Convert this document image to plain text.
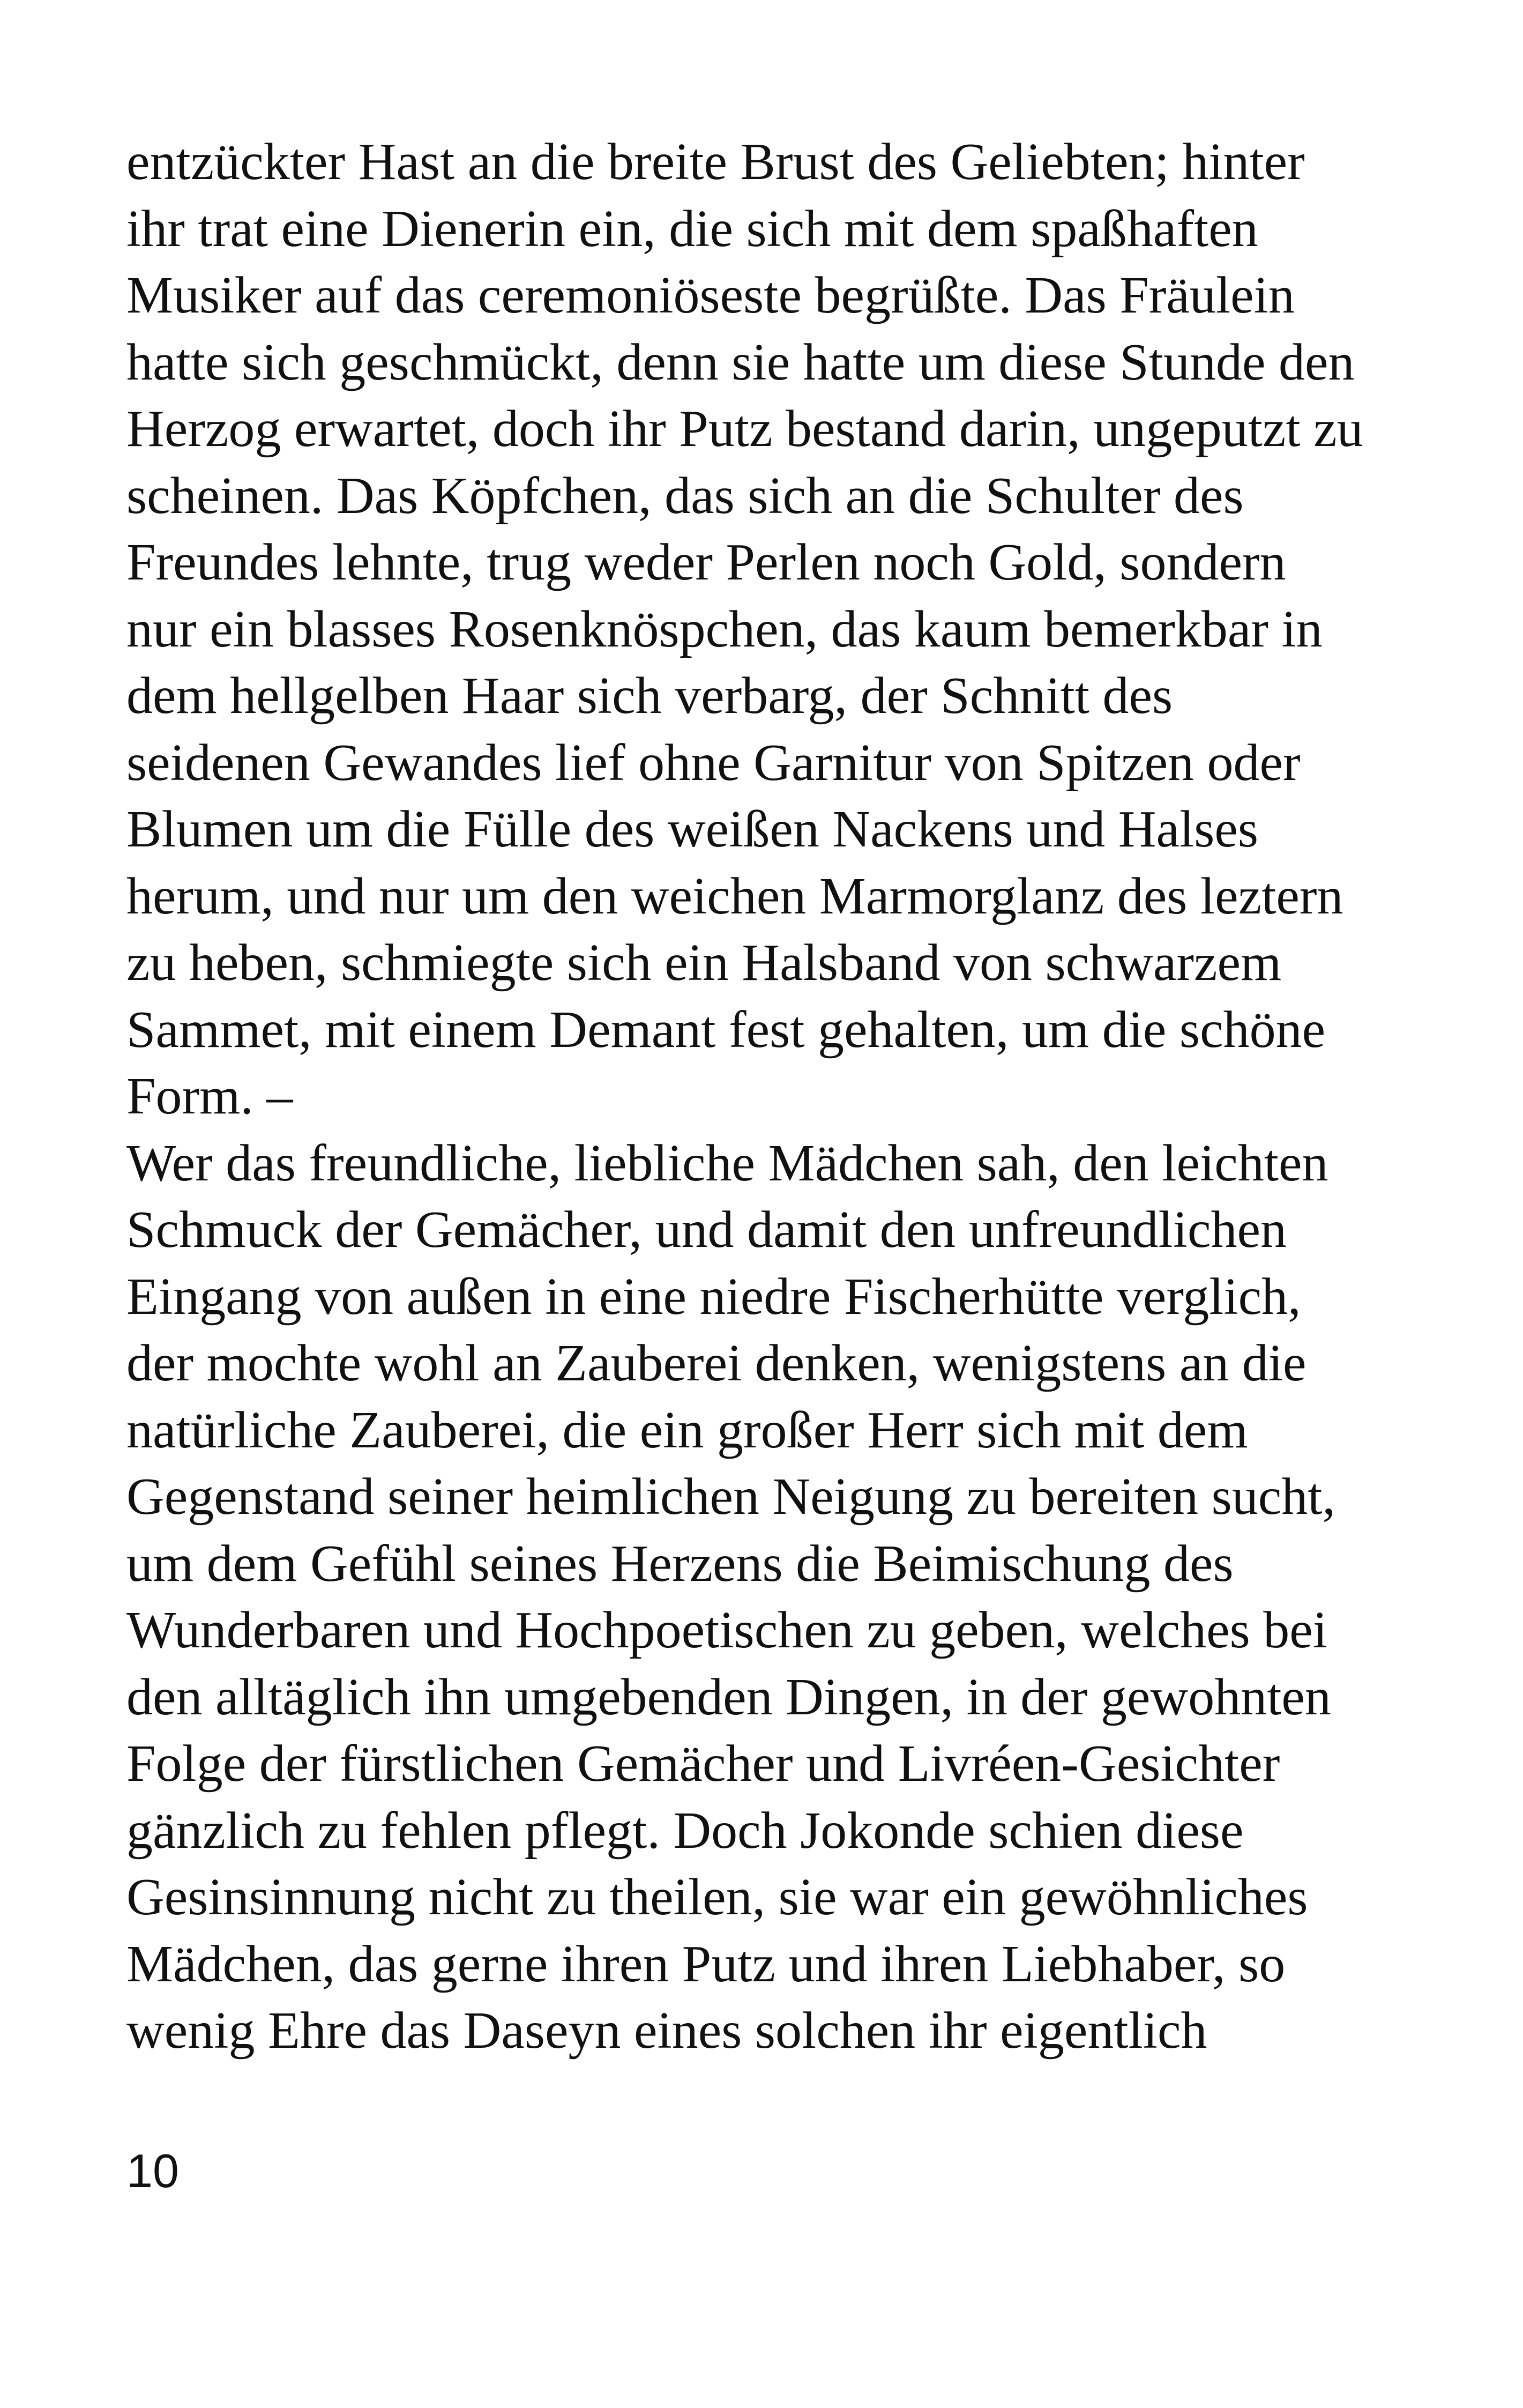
entzückter Hast an die breite Brust des Geliebten; hinter
ihr trat eine Dienerin ein, die sich mit dem spaßhaften
Musiker auf das ceremoniöseste begrüßte. Das Fräulein
hatte sich geschmückt, denn sie hatte um diese Stunde den
Herzog erwartet, doch ihr Putz bestand darin, ungeputzt zu
scheinen. Das Köpfchen, das sich an die Schulter des
Freundes lehnte, trug weder Perlen noch Gold, sondern
nur ein blasses Rosenknöspchen, das kaum bemerkbar in
dem hellgelben Haar sich verbarg, der Schnitt des
seidenen Gewandes lief ohne Garnitur von Spitzen oder
Blumen um die Fülle des weißen Nackens und Halses
herum, und nur um den weichen Marmorglanz des leztern
zu heben, schmiegte sich ein Halsband von schwarzem
Sammet, mit einem Demant fest gehalten, um die schöne
Form. –
Wer das freundliche, liebliche Mädchen sah, den leichten
Schmuck der Gemächer, und damit den unfreundlichen
Eingang von außen in eine niedre Fischerhütte verglich,
der mochte wohl an Zauberei denken, wenigstens an die
natürliche Zauberei, die ein großer Herr sich mit dem
Gegenstand seiner heimlichen Neigung zu bereiten sucht,
um dem Gefühl seines Herzens die Beimischung des
Wunderbaren und Hochpoetischen zu geben, welches bei
den alltäglich ihn umgebenden Dingen, in der gewohnten
Folge der fürstlichen Gemächer und Livréen-Gesichter
gänzlich zu fehlen pflegt. Doch Jokonde schien diese
Gesinsinnung nicht zu theilen, sie war ein gewöhnliches
Mädchen, das gerne ihren Putz und ihren Liebhaber, so
wenig Ehre das Daseyn eines solchen ihr eigentlich
10
